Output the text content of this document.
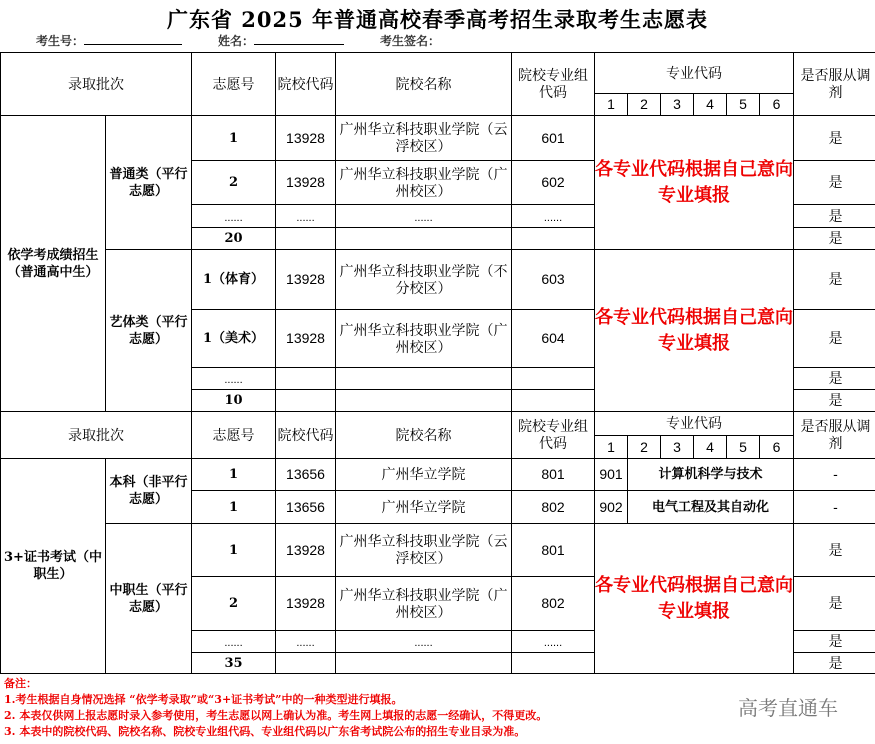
广东省 2025 年普通高校春季高考招生录取考生志愿表
考生号：	姓名：	考生签名：
录取批次		志愿号	院校代码	院校名称	院校专业组代码	专业代码						是否服从调剂
						1	2	3	4	5	6	
依学考成绩招生（普通高中生）	普通类（平行志愿）	1	13928	广州华立科技职业学院（云浮校区）	601	各专业代码根据自己意向专业填报						是
		2	13928	广州华立科技职业学院（广州校区）	602							是
		......	......	......	......							是
		20										是
	艺体类（平行志愿）	1（体育）	13928	广州华立科技职业学院（不分校区）	603	各专业代码根据自己意向专业填报						是
		1（美术）	13928	广州华立科技职业学院（广州校区）	604							是
		......										是
		10										是
录取批次		志愿号	院校代码	院校名称	院校专业组代码	专业代码						是否服从调剂
						1	2	3	4	5	6	
3+证书考试（中职生）	本科（非平行志愿）	1	13656	广州华立学院	801	901	计算机科学与技术					-
		1	13656	广州华立学院	802	902	电气工程及其自动化					-
	中职生（平行志愿）	1	13928	广州华立科技职业学院（云浮校区）	801	各专业代码根据自己意向专业填报						是
		2	13928	广州华立科技职业学院（广州校区）	802							是
		......	......	......	......							是
		35										是
备注：
1.考生根据自身情况选择 “依学考录取”或“3+证书考试”中的一种类型进行填报。
2. 本表仅供网上报志愿时录入参考使用，考生志愿以网上确认为准。考生网上填报的志愿一经确认，不得更改。
3. 本表中的院校代码、院校名称、院校专业组代码、专业组代码以广东省考试院公布的招生专业目录为准。
高考直通车
